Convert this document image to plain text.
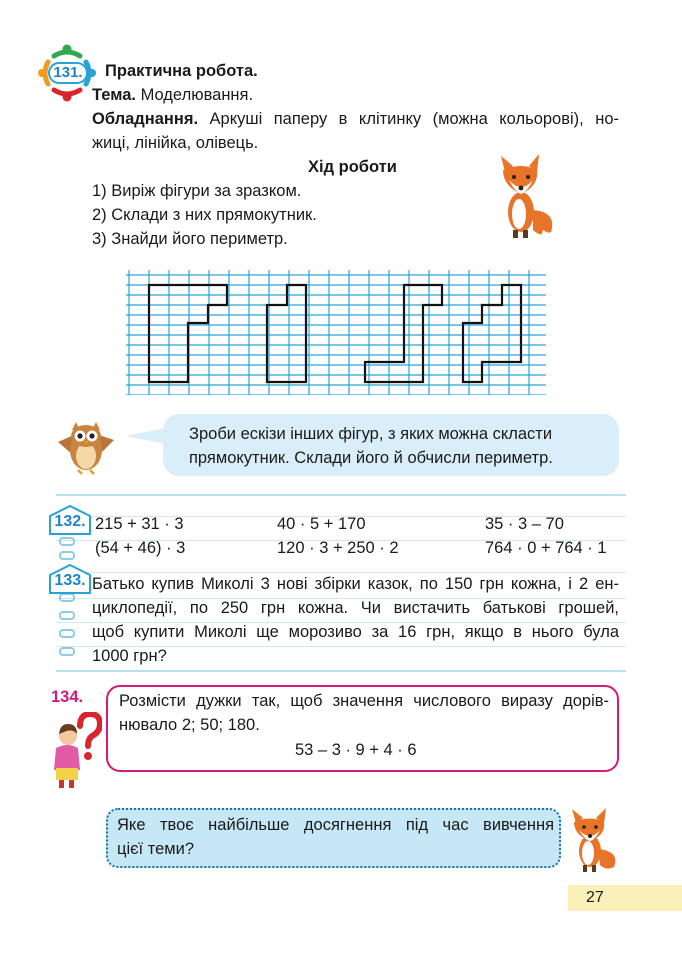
131.	Практична робота.
Тема. Моделювання.
Обладнання. Аркуші паперу в клітинку (можна кольорові), но-
жиці, лінійка, олівець.
Хід роботи
1) Виріж фігури за зразком.
2) Склади з них прямокутник.
3) Знайди його периметр.
Зроби ескізи інших фігур, з яких можна скласти
прямокутник. Склади його й обчисли периметр.
132. 215 + 31 · 3	40 · 5 + 170	35 · 3 – 70
(54 + 46) · 3	120 · 3 + 250 · 2	764 · 0 + 764 · 1
133. Батько купив Миколі 3 нові збірки казок, по 150 грн кожна, і 2 ен-
циклопедії, по 250 грн кожна. Чи вистачить батькові грошей,
щоб купити Миколі ще морозиво за 16 грн, якщо в нього була
1000 грн?
134. Розмісти дужки так, щоб значення числового виразу дорів-
нювало 2; 50; 180.
53 – 3 · 9 + 4 · 6
Яке твоє найбільше досягнення під час вивчення
цієї теми?
27
